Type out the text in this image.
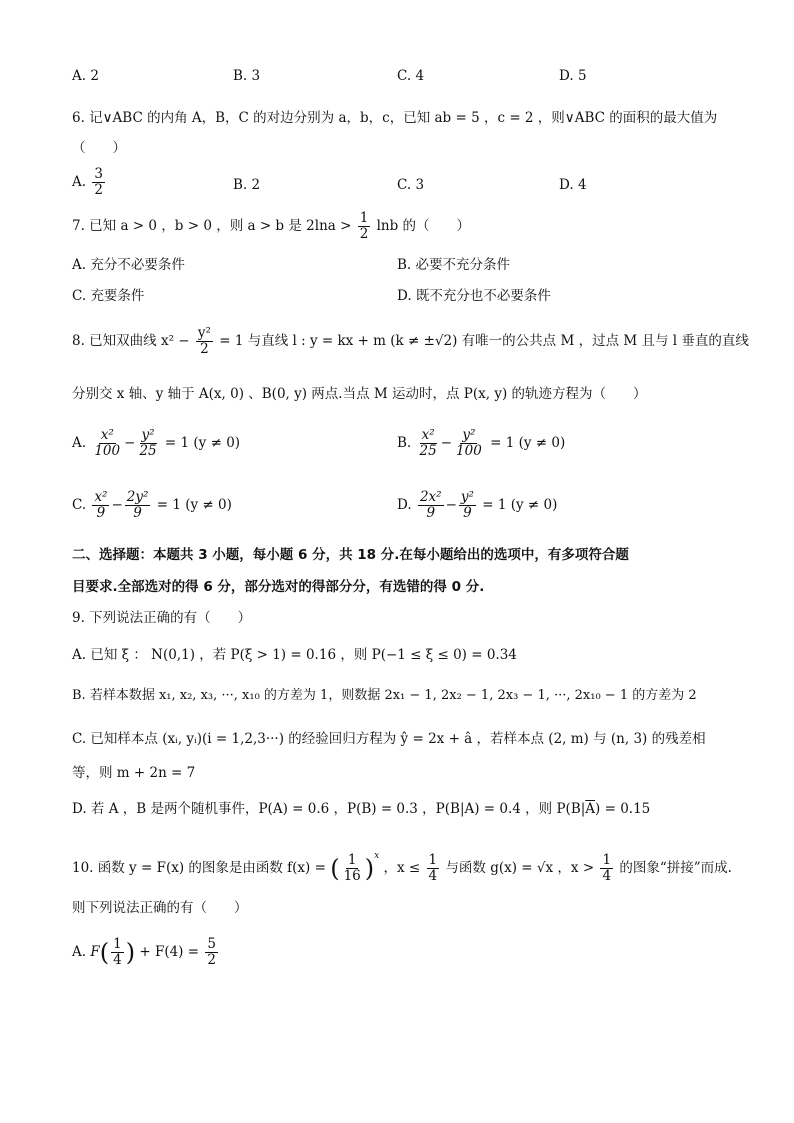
A. 2	B. 3	C. 4	D. 5
6. 记∨ABC 的内角 A，B，C 的对边分别为 a，b，c，已知 ab = 5 ，c = 2 ，则∨ABC 的面积的最大值为
（　　）
A. $\frac{3}{2}$	B. 2	C. 3	D. 4
7. 已知 a > 0 ，b > 0 ，则 a > b 是 $2\ln a > \frac{1}{2}$ lnb 的（　　）
A. 充分不必要条件	B. 必要不充分条件
C. 充要条件	D. 既不充分也不必要条件
8. 已知双曲线 $x^2 - \frac{\text{y²}}{2} = 1$ 与直线 l : y = kx + m (k ≠ ±√2) 有唯一的公共点 M ，过点 M 且与 l 垂直的直线
分别交 x 轴、y 轴于 A(x, 0) 、B(0, y) 两点.当点 M 运动时，点 P(x, y) 的轨迹方程为（　　）
A. $\frac{\text{x²}}{100} - \frac{\text{y²}}{25} = 1$ (y ≠ 0)	B. $\frac{\text{x²}}{25} - \frac{\text{y²}}{100} = 1$ (y ≠ 0)
C. $\frac{\text{x²}}{9} - \frac{\text{2y²}}{9} = 1$ (y ≠ 0)	D. $\frac{\text{2x²}}{9} - \frac{\text{y²}}{9} = 1$ (y ≠ 0)
二、选择题：本题共 3 小题，每小题 6 分，共 18 分.在每小题给出的选项中，有多项符合题
目要求.全部选对的得 6 分，部分选对的得部分分，有选错的得 0 分.
9. 下列说法正确的有（　　）
A. 已知 ξ ： N(0,1) ，若 P(ξ > 1) = 0.16 ，则 P(−1 ≤ ξ ≤ 0) = 0.34
B. 若样本数据 x₁, x₂, x₃, ···, x₁₀ 的方差为 1，则数据 2x₁ − 1, 2x₂ − 1, 2x₃ − 1, ···, 2x₁₀ − 1 的方差为 2
C. 已知样本点 (xᵢ, yᵢ)(i = 1,2,3···) 的经验回归方程为 ŷ = 2x + â ，若样本点 (2, m) 与 (n, 3) 的残差相
等，则 m + 2n = 7
D. 若 A ，B 是两个随机事件，P(A) = 0.6 ，P(B) = 0.3 ，P(B|A) = 0.4 ，则 $P(B|\overline{A}) = 0.15$
10. 函数 y = F(x) 的图象是由函数 f(x) = ( $\frac{1}{16} )^x$ ，$x \le \frac{1}{4}$ 与函数 g(x) = √x ，$x > \frac{1}{4}$ 的图象“拼接”而成.
则下列说法正确的有（　　）
A. $F( \frac{1}{4}$ ) + $F(4) = \frac{5}{2}$
